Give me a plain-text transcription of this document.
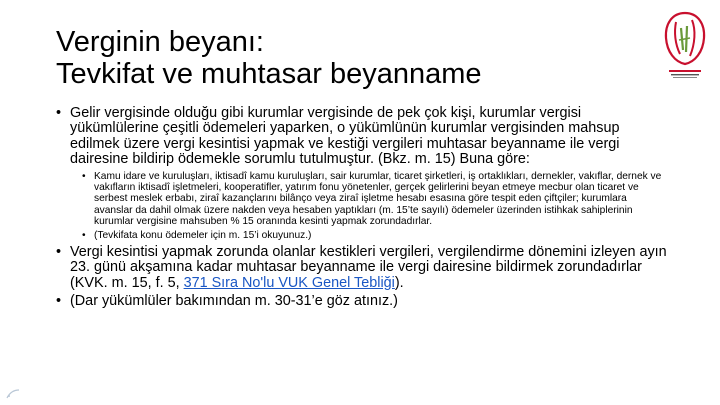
Verginin beyanı:
Tevkifat ve muhtasar beyanname
• Gelir vergisinde olduğu gibi kurumlar vergisinde de pek çok kişi, kurumlar vergisi yükümlülerine çeşitli ödemeleri yaparken, o yükümlünün kurumlar vergisinden mahsup edilmek üzere vergi kesintisi yapmak ve kestiği vergileri muhtasar beyanname ile vergi dairesine bildirip ödemekle sorumlu tutulmuştur. (Bkz. m. 15) Buna göre:
• Kamu idare ve kuruluşları, iktisadî kamu kuruluşları, sair kurumlar, ticaret şirketleri, iş ortaklıkları, dernekler, vakıflar, dernek ve vakıfların iktisadî işletmeleri, kooperatifler, yatırım fonu yönetenler, gerçek gelirlerini beyan etmeye mecbur olan ticaret ve serbest meslek erbabı, ziraî kazançlarını bilânço veya ziraî işletme hesabı esasına göre tespit eden çiftçiler; kurumlara avanslar da dahil olmak üzere nakden veya hesaben yaptıkları (m. 15’te sayılı) ödemeler üzerinden istihkak sahiplerinin kurumlar vergisine mahsuben % 15 oranında kesinti yapmak zorundadırlar.
• (Tevkifata konu ödemeler için m. 15’i okuyunuz.)
• Vergi kesintisi yapmak zorunda olanlar kestikleri vergileri, vergilendirme dönemini izleyen ayın 23. günü akşamına kadar muhtasar beyanname ile vergi dairesine bildirmek zorundadırlar (KVK. m. 15, f. 5, 371 Sıra No'lu VUK Genel Tebliği).
• (Dar yükümlüler bakımından m. 30-31’e göz atınız.)
